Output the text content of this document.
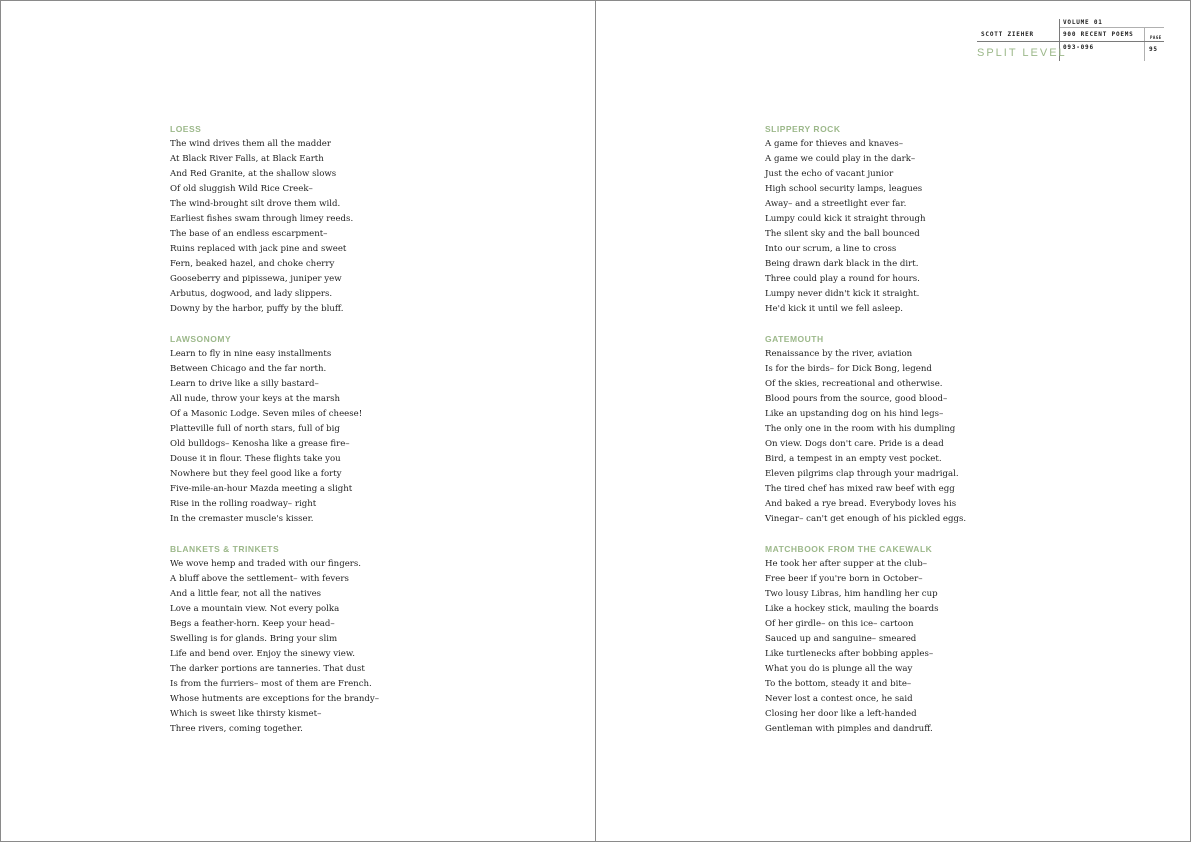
SCOTT ZIEHER
VOLUME 01
900 RECENT POEMS
093-096
PAGE
95
SPLIT LEVEL
LOESS
The wind drives them all the madder
At Black River Falls, at Black Earth
And Red Granite, at the shallow slows
Of old sluggish Wild Rice Creek–
The wind-brought silt drove them wild.
Earliest fishes swam through limey reeds.
The base of an endless escarpment–
Ruins replaced with jack pine and sweet
Fern, beaked hazel, and choke cherry
Gooseberry and pipissewa, juniper yew
Arbutus, dogwood, and lady slippers.
Downy by the harbor, puffy by the bluff.
LAWSONOMY
Learn to fly in nine easy installments
Between Chicago and the far north.
Learn to drive like a silly bastard–
All nude, throw your keys at the marsh
Of a Masonic Lodge. Seven miles of cheese!
Platteville full of north stars, full of big
Old bulldogs– Kenosha like a grease fire–
Douse it in flour. These flights take you
Nowhere but they feel good like a forty
Five-mile-an-hour Mazda meeting a slight
Rise in the rolling roadway– right
In the cremaster muscle's kisser.
BLANKETS & TRINKETS
We wove hemp and traded with our fingers.
A bluff above the settlement– with fevers
And a little fear, not all the natives
Love a mountain view. Not every polka
Begs a feather-horn. Keep your head–
Swelling is for glands. Bring your slim
Life and bend over. Enjoy the sinewy view.
The darker portions are tanneries. That dust
Is from the furriers– most of them are French.
Whose hutments are exceptions for the brandy–
Which is sweet like thirsty kismet–
Three rivers, coming together.
SLIPPERY ROCK
A game for thieves and knaves–
A game we could play in the dark–
Just the echo of vacant junior
High school security lamps, leagues
Away– and a streetlight ever far.
Lumpy could kick it straight through
The silent sky and the ball bounced
Into our scrum, a line to cross
Being drawn dark black in the dirt.
Three could play a round for hours.
Lumpy never didn't kick it straight.
He'd kick it until we fell asleep.
GATEMOUTH
Renaissance by the river, aviation
Is for the birds– for Dick Bong, legend
Of the skies, recreational and otherwise.
Blood pours from the source, good blood–
Like an upstanding dog on his hind legs–
The only one in the room with his dumpling
On view. Dogs don't care. Pride is a dead
Bird, a tempest in an empty vest pocket.
Eleven pilgrims clap through your madrigal.
The tired chef has mixed raw beef with egg
And baked a rye bread. Everybody loves his
Vinegar– can't get enough of his pickled eggs.
MATCHBOOK FROM THE CAKEWALK
He took her after supper at the club–
Free beer if you're born in October–
Two lousy Libras, him handling her cup
Like a hockey stick, mauling the boards
Of her girdle– on this ice– cartoon
Sauced up and sanguine– smeared
Like turtlenecks after bobbing apples–
What you do is plunge all the way
To the bottom, steady it and bite–
Never lost a contest once, he said
Closing her door like a left-handed
Gentleman with pimples and dandruff.
